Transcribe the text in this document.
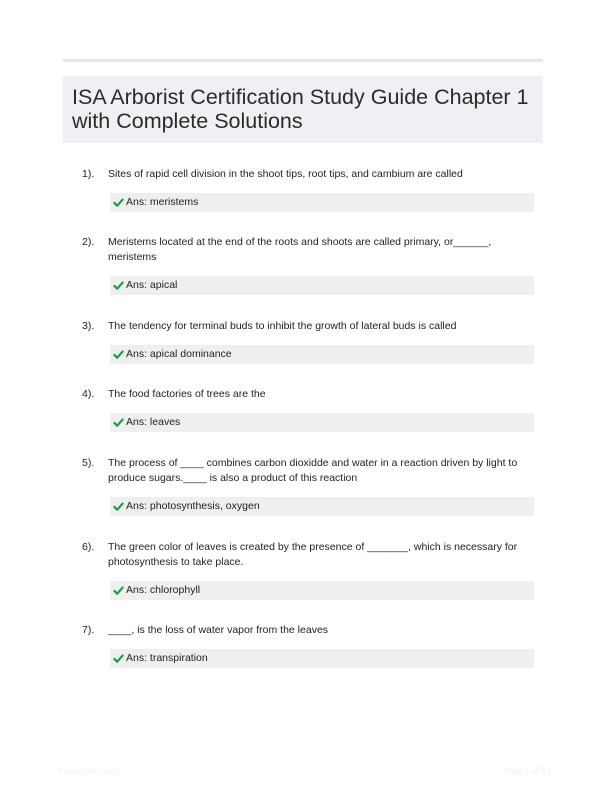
ISA Arborist Certification Study Guide Chapter 1 with Complete Solutions
1). Sites of rapid cell division in the shoot tips, root tips, and cambium are called
Ans: meristems
2). Meristems located at the end of the roots and shoots are called primary, or______, meristems
Ans: apical
3). The tendency for terminal buds to inhibit the growth of lateral buds is called
Ans: apical dominance
4). The food factories of trees are the
Ans: leaves
5). The process of ____ combines carbon dioxidde and water in a reaction driven by light to produce sugars.____ is also a product of this reaction
Ans: photosynthesis, oxygen
6). The green color of leaves is created by the presence of _______, which is necessary for photosynthesis to take place.
Ans: chlorophyll
7). ____, is the loss of water vapor from the leaves
Ans: transpiration
PaperSitic.com	Page 1 of 53
